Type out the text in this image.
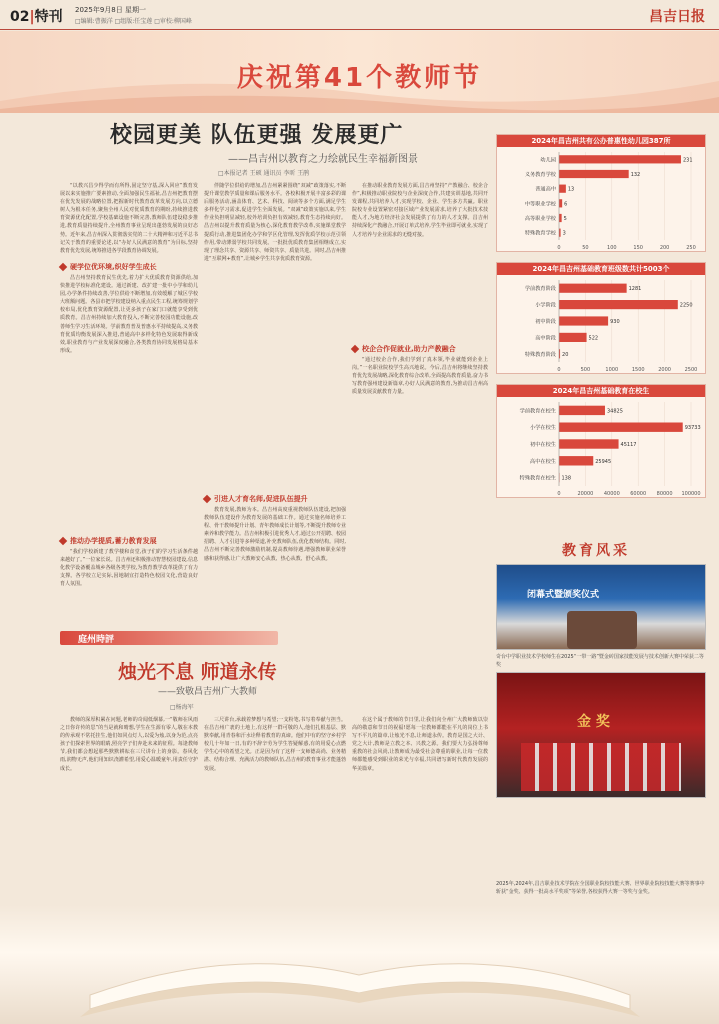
02|特刊 2025年9月8日 星期一
□编辑:曹振洋 □组版:任宝莲 □审校:柳国峰	昌吉日报
庆祝第41个教师节
校园更美 队伍更强 发展更广
——昌吉州以教育之力绘就民生幸福新图景
□本报记者 王硕 通讯员 李昕 王鹃

“以教兴昌少得学而有所得,固定坚守基,深入回应”教育发展以来实施推广要素推动,全面加强民生福祉,昌吉州把教育摆在优先发展的战略位置,把握新时代教育改革发展方向,以立德树人为根本任务,聚焦全州人民对优质教育的期盼,持续推进教育资源优化配置,学校基础设施不断完善,教师队伍建设稳步推进,教育质量持续提升,全州教育事业呈现出蓬勃发展的良好态势。近年来,昌吉州深入贯彻落实党的二十大精神和习近平总书记关于教育的重要论述,以“办好人民满意的教育”为目标,坚持教育优先发展,统筹推进各学段教育协调发展。

硬学位优环境,织好学生成长

昌吉州坚持教育民生优先,着力扩大优质教育资源供给,加快推进学校标准化建设。通过新建、改扩建一批中小学和幼儿园,办学条件持续改善,学位供给不断增加,有效缓解了城区学校大班额问题。各县市把学校建设纳入重点民生工程,统筹规划学校布局,优化教育资源配置,让更多孩子在家门口就能享受到优质教育。昌吉州持续加大教育投入,不断完善校园功能设施,改善师生学习生活环境。学前教育普及普惠水平持续提高,义务教育优质均衡发展深入推进,普通高中多样化特色发展取得新成效,职业教育与产业发展深度融合,各类教育协同发展格局基本形成。

推动办学提质,蓄力教育发展

“我们学校新建了教学楼和食堂,孩子们的学习生活条件越来越好了。”一位家长说。昌吉州还积极推动智慧校园建设,信息化教学设备覆盖城乡各级各类学校,为教育教学改革提供了有力支撑。各学校立足实际,因地制宜打造特色校园文化,营造良好育人氛围。

伴随学位供给的增加,昌吉州紧紧围绕“双减”政策落实,不断提升课堂教学质量和课后服务水平。各校积极开展丰富多彩的课后服务活动,涵盖体育、艺术、科技、阅读等多个方面,满足学生多样化学习需求,促进学生全面发展。“双减”政策实施以来,学生作业负担明显减轻,校外培训负担有效减轻,教育生态持续向好。昌吉州以提升教育质量为核心,深化教育教学改革,实施课堂教学提质行动,推进集团化办学和学区化管理,发挥优质学校示范引领作用,带动薄弱学校共同发展。一批批优质教育集团相继成立,实现了理念共享、资源共享、师资共享、质量共进。同时,昌吉州推进“互联网+教育”,让城乡学生共享优质教育资源。

引进人才育名师,促进队伍提升

教育发展,教师为本。昌吉州高度重视教师队伍建设,把加强教师队伍建设作为教育发展的基础工作。通过实施名师培养工程、骨干教师提升计划、青年教师成长计划等,不断提升教师专业素养和教学能力。昌吉州积极引进优秀人才,通过公开招聘、校园招聘、人才引进等多种渠道,补充教师队伍,优化教师结构。同时,昌吉州不断完善教师激励机制,提高教师待遇,增强教师职业荣誉感和获得感,让广大教师安心从教、热心从教、舒心从教。

在推动职业教育发展方面,昌吉州坚持“产教融合、校企合作”,积极推动职业院校与企业深度合作,共建实训基地,共同开发课程,共同培养人才,实现学校、企业、学生多方共赢。职业院校专业设置紧密对接区域产业发展需求,培养了大批技术技能人才,为地方经济社会发展提供了有力的人才支撑。昌吉州持续深化产教融合,开展订单式培养,学生毕业即可就业,实现了人才培养与企业需求的无缝对接。

校企合作促就业,助力产教融合

“通过校企合作,我们学到了真本领,毕业就能到企业上岗。”一名职业院校学生高兴地说。今后,昌吉州将继续坚持教育优先发展战略,深化教育综合改革,全面提高教育质量,奋力书写教育强州建设新篇章,办好人民满意的教育,为推动昌吉州高质量发展贡献教育力量。

庭州時評
烛光不息 师道永传
——致敬昌吉州广大教师
□杨海军

教师的深厚积累在问题,老师的奇闻低烟幕,一“敬师在风雨之日你许传的思”的当是就和晴想,学生在生源有零人,敬在本教的传承观不常托挂生,他们如同点灯人,以爱为烛,以身为范,点亮孩子们探索世界的眼睛,照亮学子们奔赴未来的征程。每逢教师节,我们都会想起那些默默耕耘在三尺讲台上的身影。春风化雨,润物无声,他们用知识浇灌希望,用爱心温暖童年,用责任守护成长。

三尺讲台,承载着梦想与希望;一支粉笔,书写着奉献与担当。在昌吉州广袤的土地上,有这样一群可敬的人,他们扎根基层、默默奉献,用青春和汗水诠释着教育的真谛。他们中有的坚守乡村学校几十年如一日,有的不辞辛劳为学生答疑解惑,有的用爱心点燃学生心中的希望之光。正是因为有了这样一支师德高尚、业务精湛、结构合理、充满活力的教师队伍,昌吉州的教育事业才能蓬勃发展。

在这个属于教师的节日里,让我们向全州广大教师致以崇高的敬意和节日的祝福!愿每一位教师都能在平凡的岗位上书写不平凡的篇章,让烛光不息,让师道永传。教育是国之大计、党之大计,教师是立教之本、兴教之源。我们要大力弘扬尊师重教的社会风尚,让教师成为最受社会尊重的职业,让每一位教师都能感受到职业的荣光与幸福,共同谱写新时代教育发展的华美篇章。

2024年昌吉州共有公办普惠性幼儿园387所
0	50	100	150	200	250
幼儿园	231
义务教育学校	132
普通高中 13
中等职业学校 6
高等职业学校 5
特殊教育学校 3
2024年昌吉州基础教育班级数共计5003个
0	500	1000	1500	2000	2500
学前教育阶段	1281
小学阶段	2250
初中阶段	930
高中阶段	522
特殊教育阶段 20
2024年昌吉州基础教育在校生
0	20000 40000 60000 80000 100000
学前教育在校生	34825
小学在校生	93733
初中在校生	45117
高中在校生	25945
特殊教育在校生 138
教育风采
闭幕式暨颁奖仪式
奇台中学职业技术学校师生在2025“一带一路”暨金砖国家技能发展与技术创新大赛中荣获二等奖
金 奖
2025年,2024年,昌吉职业技术学院在全国职业院校技能大赛、世界职业院校技能大赛等赛事中斩获“金奖、获得一批高水平奖项”等荣誉,各校获得大赛一等奖与金奖。
